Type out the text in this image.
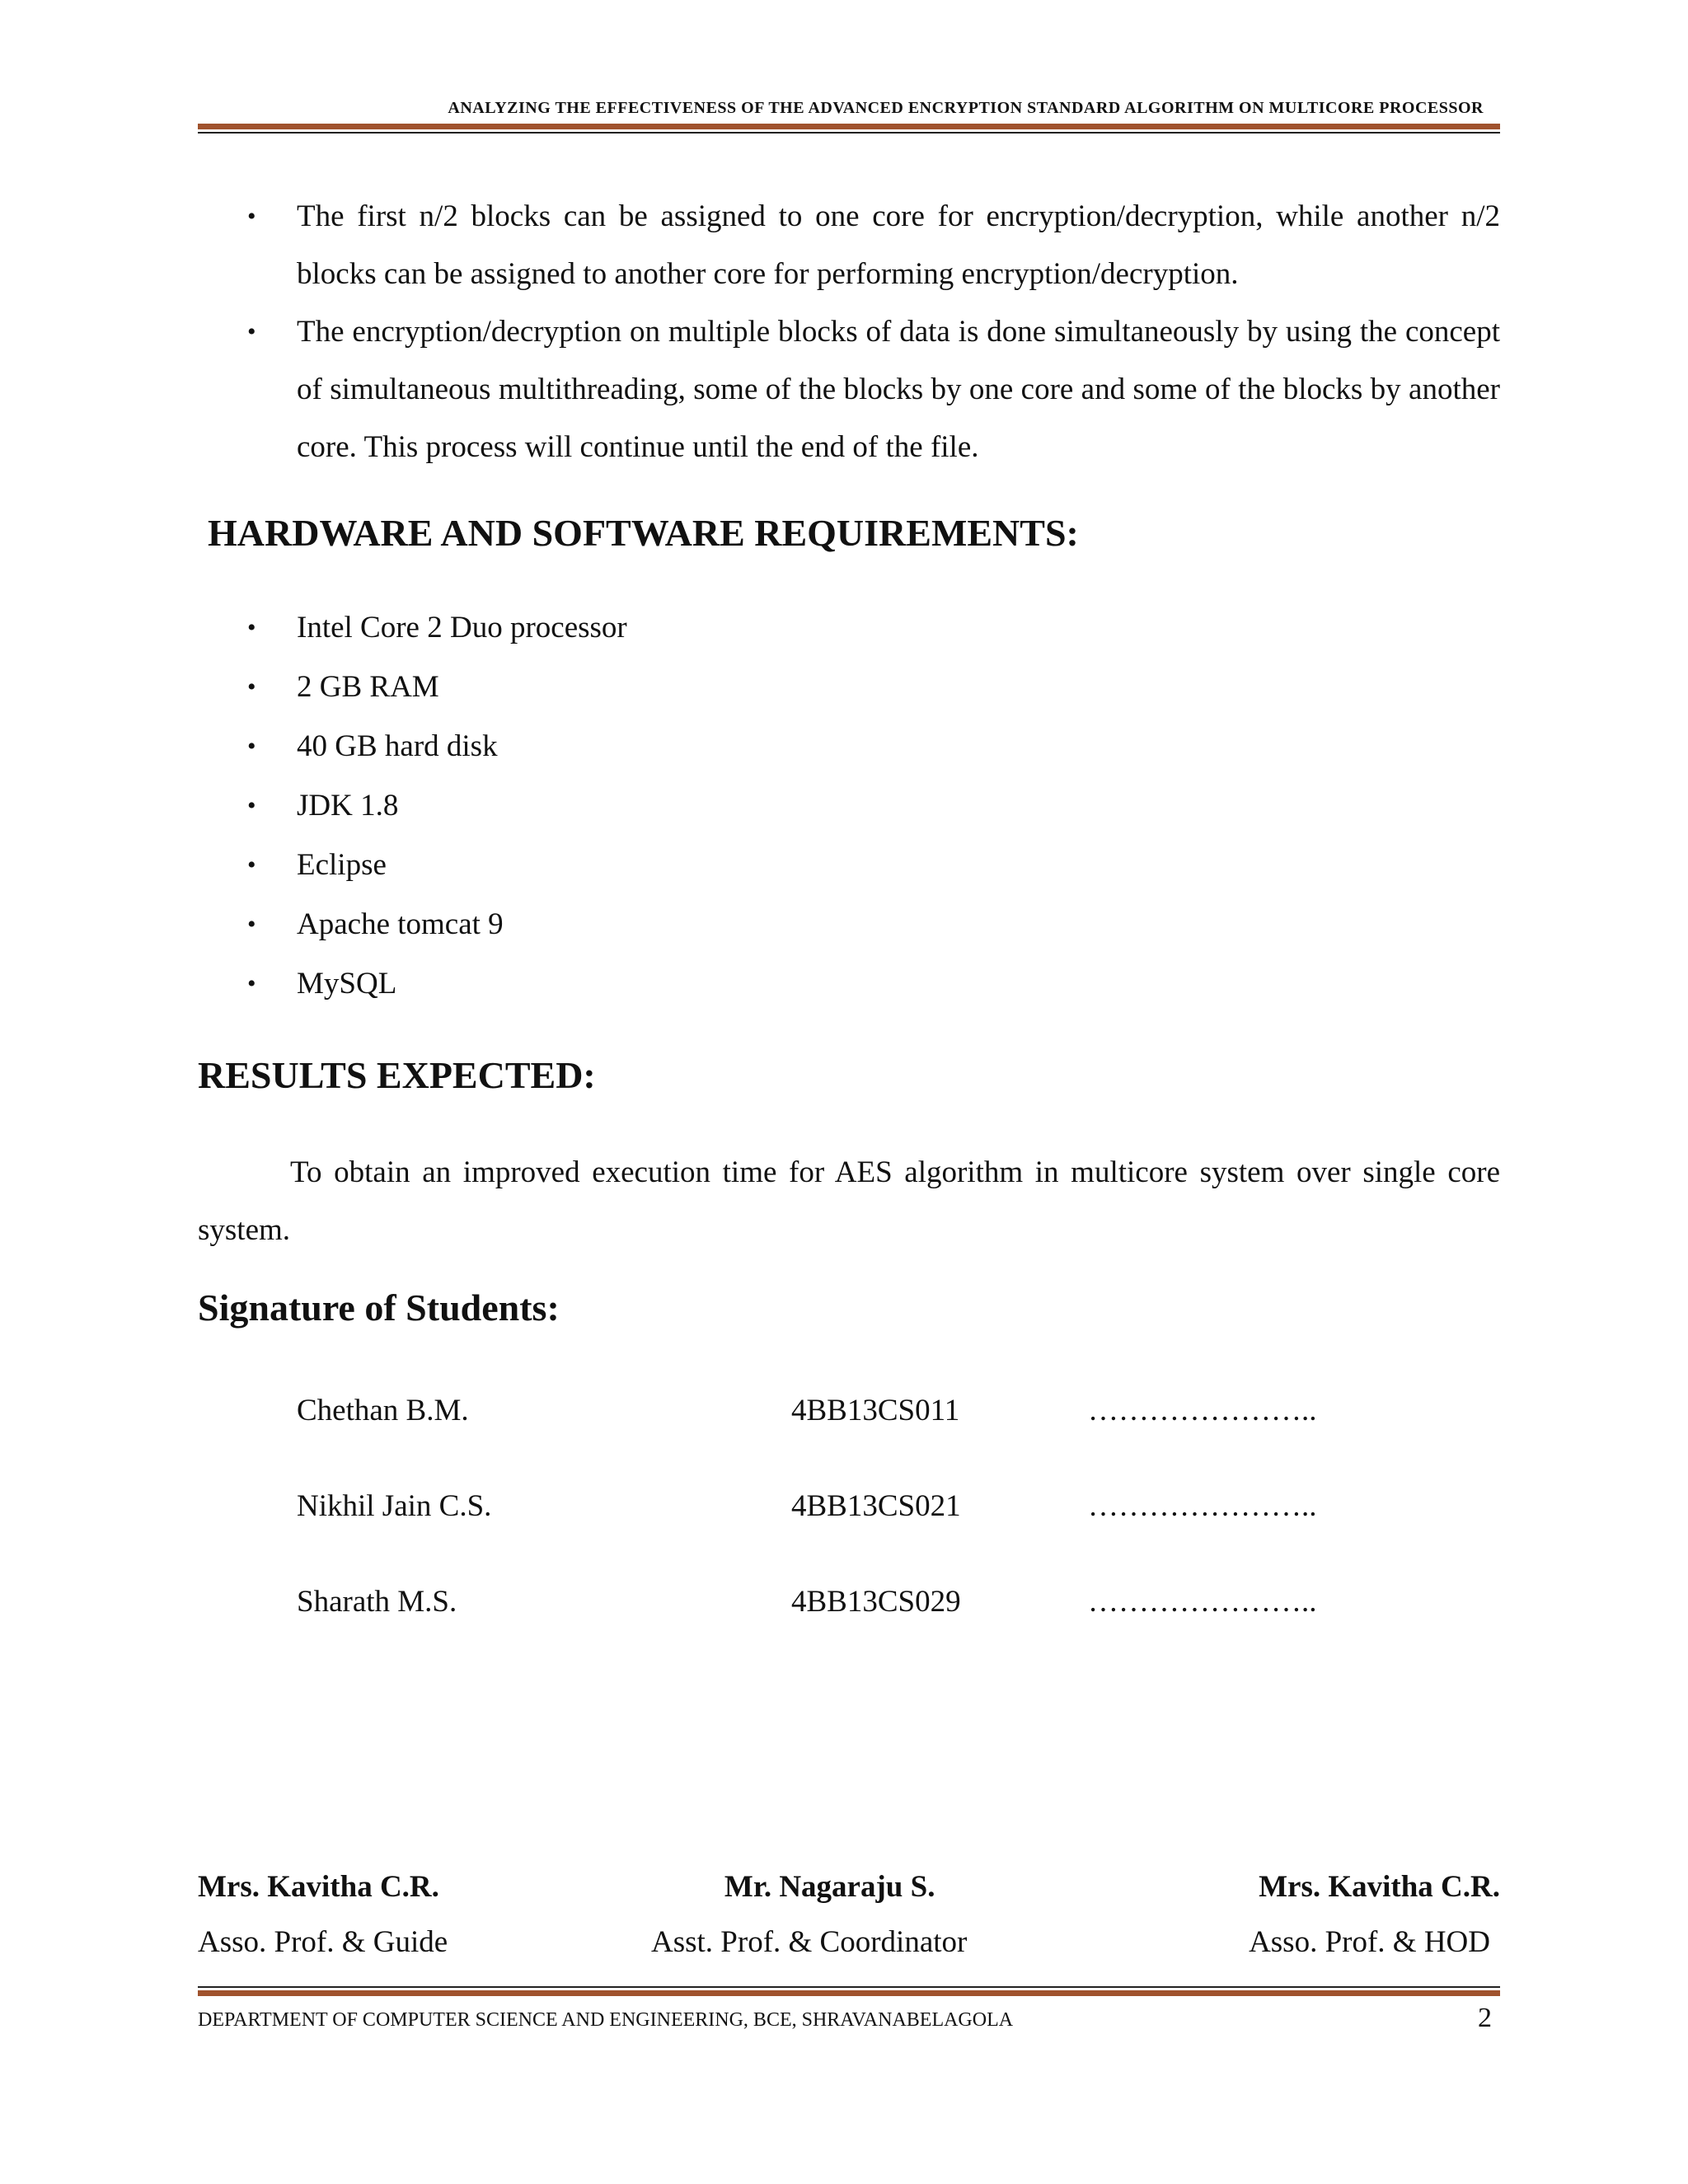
ANALYZING THE EFFECTIVENESS OF THE ADVANCED ENCRYPTION STANDARD ALGORITHM ON MULTICORE PROCESSOR
• The first n/2 blocks can be assigned to one core for encryption/decryption, while another n/2 blocks can be assigned to another core for performing encryption/decryption.
• The encryption/decryption on multiple blocks of data is done simultaneously by using the concept of simultaneous multithreading, some of the blocks by one core and some of the blocks by another core. This process will continue until the end of the file.
HARDWARE AND SOFTWARE REQUIREMENTS:
• Intel Core 2 Duo processor
• 2 GB RAM
• 40 GB hard disk
• JDK 1.8
• Eclipse
• Apache tomcat 9
• MySQL
RESULTS EXPECTED:
To obtain an improved execution time for AES algorithm in multicore system over single core system.
Signature of Students:
Chethan B.M.	4BB13CS011	…………………..
Nikhil Jain C.S.	4BB13CS021	…………………..
Sharath M.S.	4BB13CS029	…………………..
Mrs. Kavitha C.R.
Asso. Prof. & Guide
Mr. Nagaraju S.
Asst. Prof. & Coordinator
Mrs. Kavitha C.R.
Asso. Prof. & HOD
DEPARTMENT OF COMPUTER SCIENCE AND ENGINEERING, BCE, SHRAVANABELAGOLA	2
